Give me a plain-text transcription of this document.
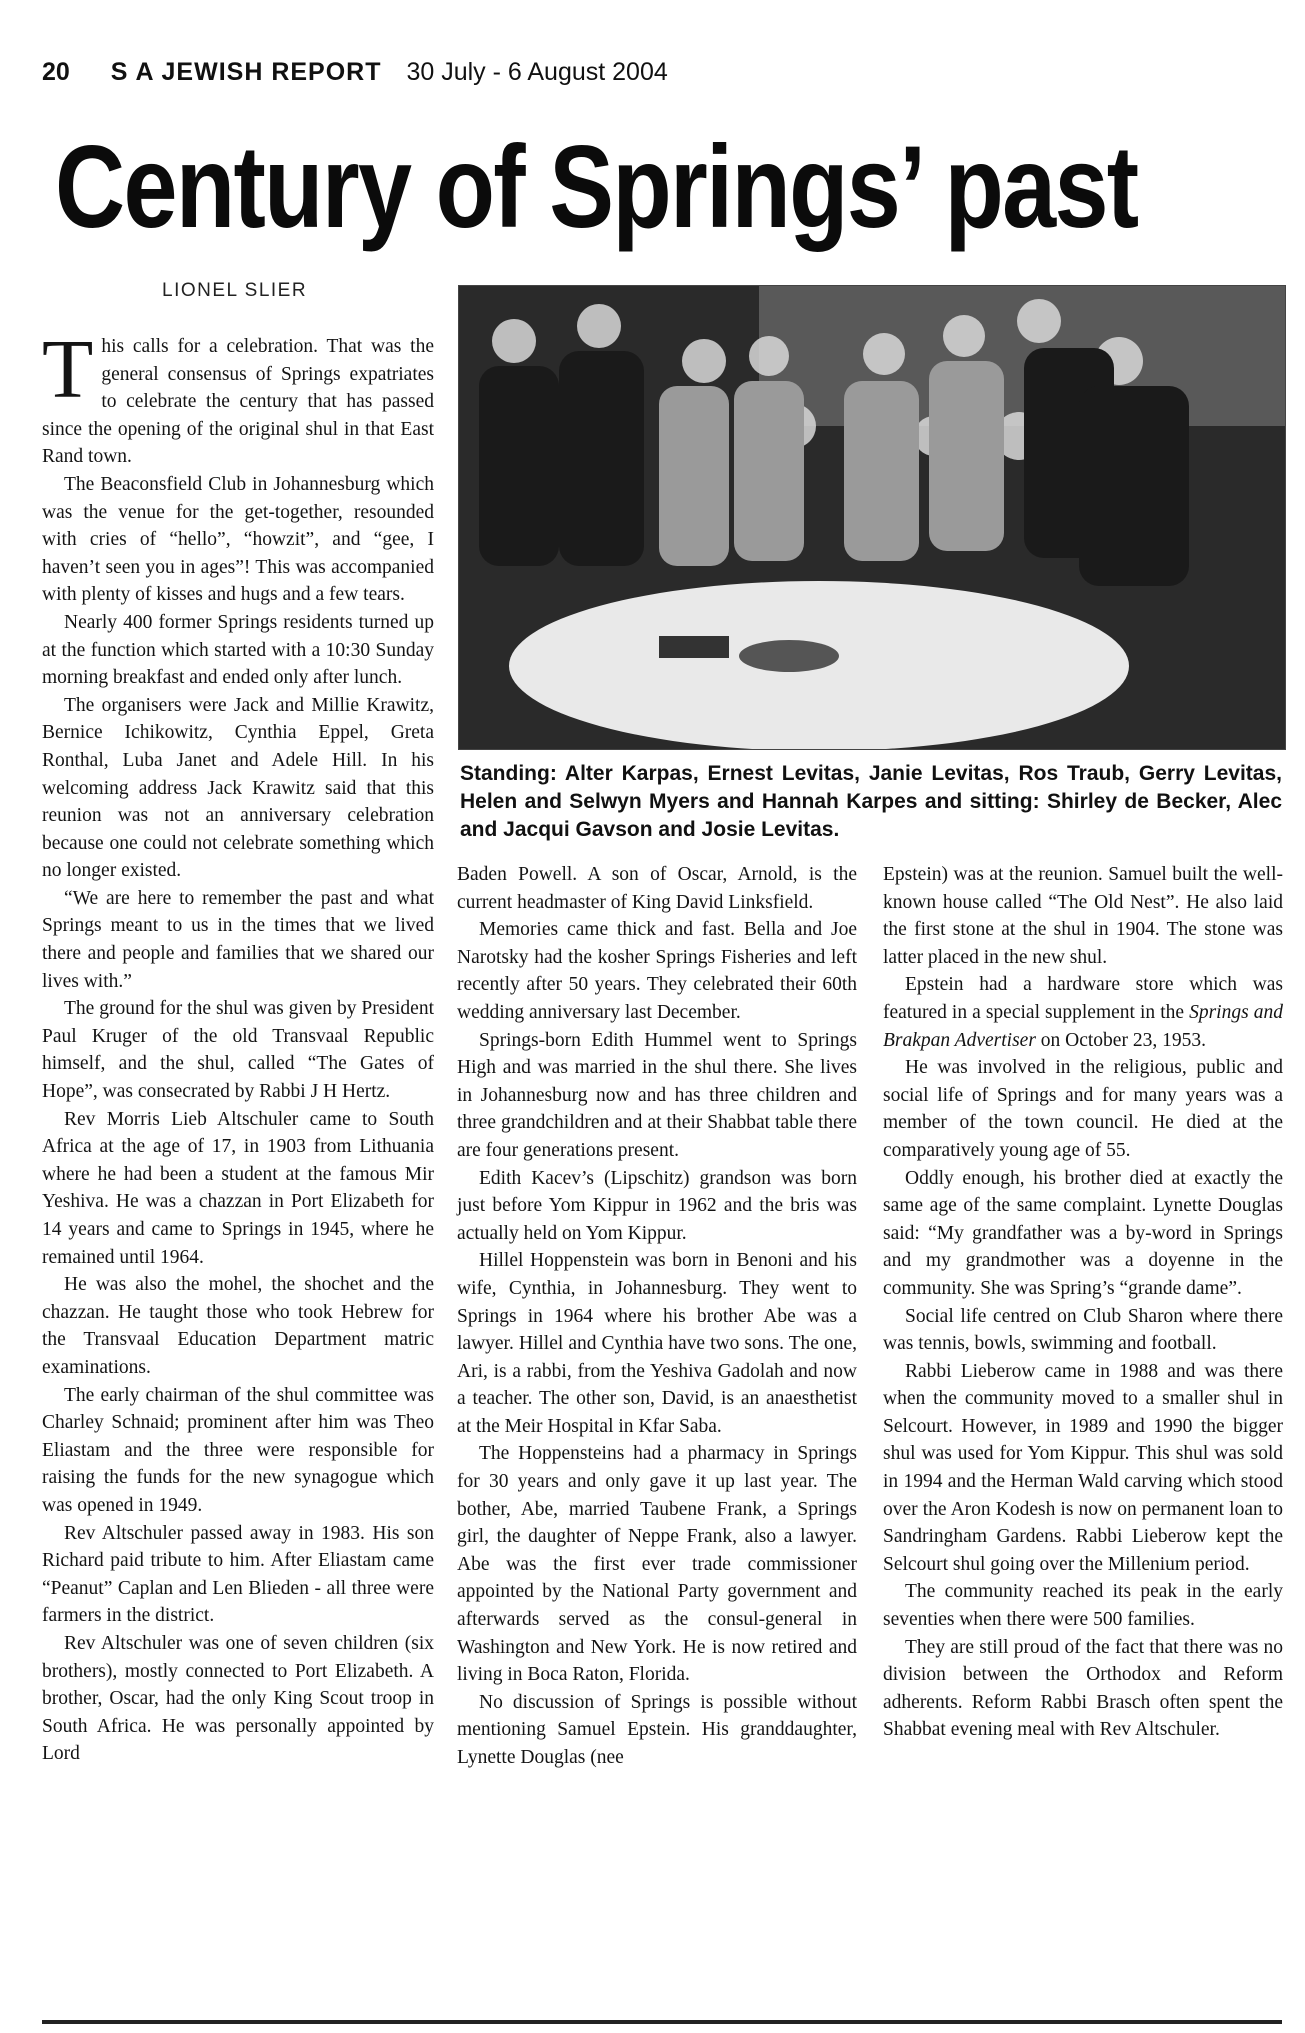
20 S A JEWISH REPORT 30 July - 6 August 2004
Century of Springs’ past

LIONEL SLIER

This calls for a celebration. That was the general consensus of Springs expatriates to celebrate the century that has passed since the opening of the original shul in that East Rand town.

The Beaconsfield Club in Johannesburg which was the venue for the get-together, resounded with cries of “hello”, “howzit”, and “gee, I haven’t seen you in ages”! This was accompanied with plenty of kisses and hugs and a few tears.

Nearly 400 former Springs residents turned up at the function which started with a 10:30 Sunday morning breakfast and ended only after lunch.

The organisers were Jack and Millie Krawitz, Bernice Ichikowitz, Cynthia Eppel, Greta Ronthal, Luba Janet and Adele Hill. In his welcoming address Jack Krawitz said that this reunion was not an anniversary celebration because one could not celebrate something which no longer existed.

“We are here to remember the past and what Springs meant to us in the times that we lived there and people and families that we shared our lives with.”

The ground for the shul was given by President Paul Kruger of the old Transvaal Republic himself, and the shul, called “The Gates of Hope”, was consecrated by Rabbi J H Hertz.

Rev Morris Lieb Altschuler came to South Africa at the age of 17, in 1903 from Lithuania where he had been a student at the famous Mir Yeshiva. He was a chazzan in Port Elizabeth for 14 years and came to Springs in 1945, where he remained until 1964.

He was also the mohel, the shochet and the chazzan. He taught those who took Hebrew for the Transvaal Education Department matric examinations.

The early chairman of the shul committee was Charley Schnaid; prominent after him was Theo Eliastam and the three were responsible for raising the funds for the new synagogue which was opened in 1949.

Rev Altschuler passed away in 1983. His son Richard paid tribute to him. After Eliastam came “Peanut” Caplan and Len Blieden - all three were farmers in the district.

Rev Altschuler was one of seven children (six brothers), mostly connected to Port Elizabeth. A brother, Oscar, had the only King Scout troop in South Africa. He was personally appointed by Lord

Standing: Alter Karpas, Ernest Levitas, Janie Levitas, Ros Traub, Gerry Levitas, Helen and Selwyn Myers and Hannah Karpes and sitting: Shirley de Becker, Alec and Jacqui Gavson and Josie Levitas.

Baden Powell. A son of Oscar, Arnold, is the current headmaster of King David Linksfield.

Memories came thick and fast. Bella and Joe Narotsky had the kosher Springs Fisheries and left recently after 50 years. They celebrated their 60th wedding anniversary last December.

Springs-born Edith Hummel went to Springs High and was married in the shul there. She lives in Johannesburg now and has three children and three grandchildren and at their Shabbat table there are four generations present.

Edith Kacev’s (Lipschitz) grandson was born just before Yom Kippur in 1962 and the bris was actually held on Yom Kippur.

Hillel Hoppenstein was born in Benoni and his wife, Cynthia, in Johannesburg. They went to Springs in 1964 where his brother Abe was a lawyer. Hillel and Cynthia have two sons. The one, Ari, is a rabbi, from the Yeshiva Gadolah and now a teacher. The other son, David, is an anaesthetist at the Meir Hospital in Kfar Saba.

The Hoppensteins had a pharmacy in Springs for 30 years and only gave it up last year. The bother, Abe, married Taubene Frank, a Springs girl, the daughter of Neppe Frank, also a lawyer. Abe was the first ever trade commissioner appointed by the National Party government and afterwards served as the consul-general in Washington and New York. He is now retired and living in Boca Raton, Florida.

No discussion of Springs is possible without mentioning Samuel Epstein. His granddaughter, Lynette Douglas (nee

Epstein) was at the reunion. Samuel built the well-known house called “The Old Nest”. He also laid the first stone at the shul in 1904. The stone was latter placed in the new shul.

Epstein had a hardware store which was featured in a special supplement in the Springs and Brakpan Advertiser on October 23, 1953.

He was involved in the religious, public and social life of Springs and for many years was a member of the town council. He died at the comparatively young age of 55.

Oddly enough, his brother died at exactly the same age of the same complaint. Lynette Douglas said: “My grandfather was a by-word in Springs and my grandmother was a doyenne in the community. She was Spring’s “grande dame”.

Social life centred on Club Sharon where there was tennis, bowls, swimming and football.

Rabbi Lieberow came in 1988 and was there when the community moved to a smaller shul in Selcourt. However, in 1989 and 1990 the bigger shul was used for Yom Kippur. This shul was sold in 1994 and the Herman Wald carving which stood over the Aron Kodesh is now on permanent loan to Sandringham Gardens. Rabbi Lieberow kept the Selcourt shul going over the Millenium period.

The community reached its peak in the early seventies when there were 500 families.

They are still proud of the fact that there was no division between the Orthodox and Reform adherents. Reform Rabbi Brasch often spent the Shabbat evening meal with Rev Altschuler.
